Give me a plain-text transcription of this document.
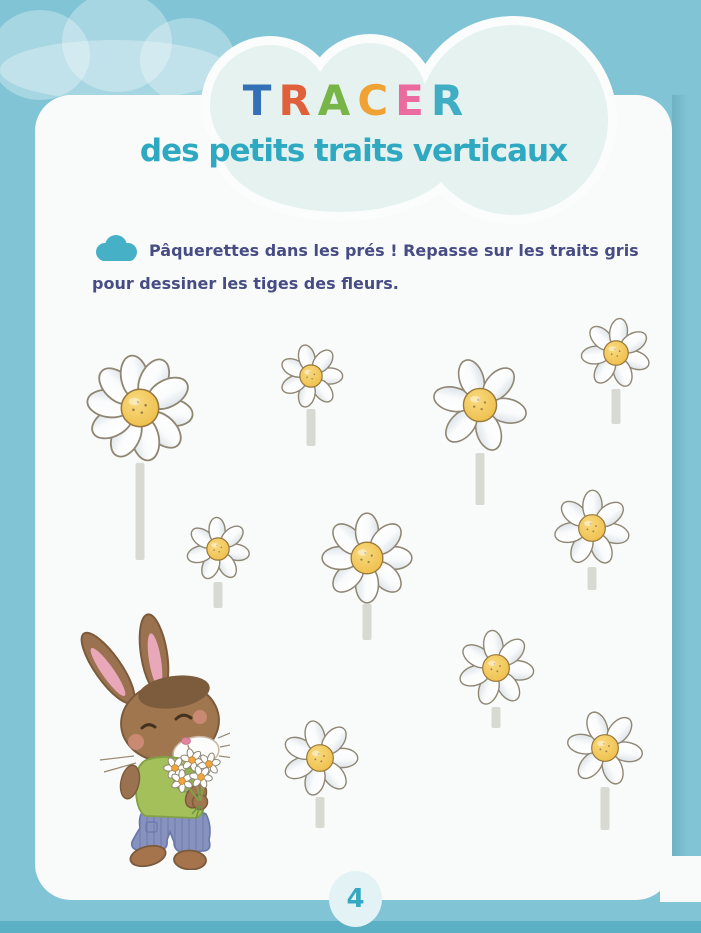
T R A C E R
des petits traits verticaux
Pâquerettes dans les prés ! Repasse sur les traits gris
pour dessiner les tiges des fleurs.
4
